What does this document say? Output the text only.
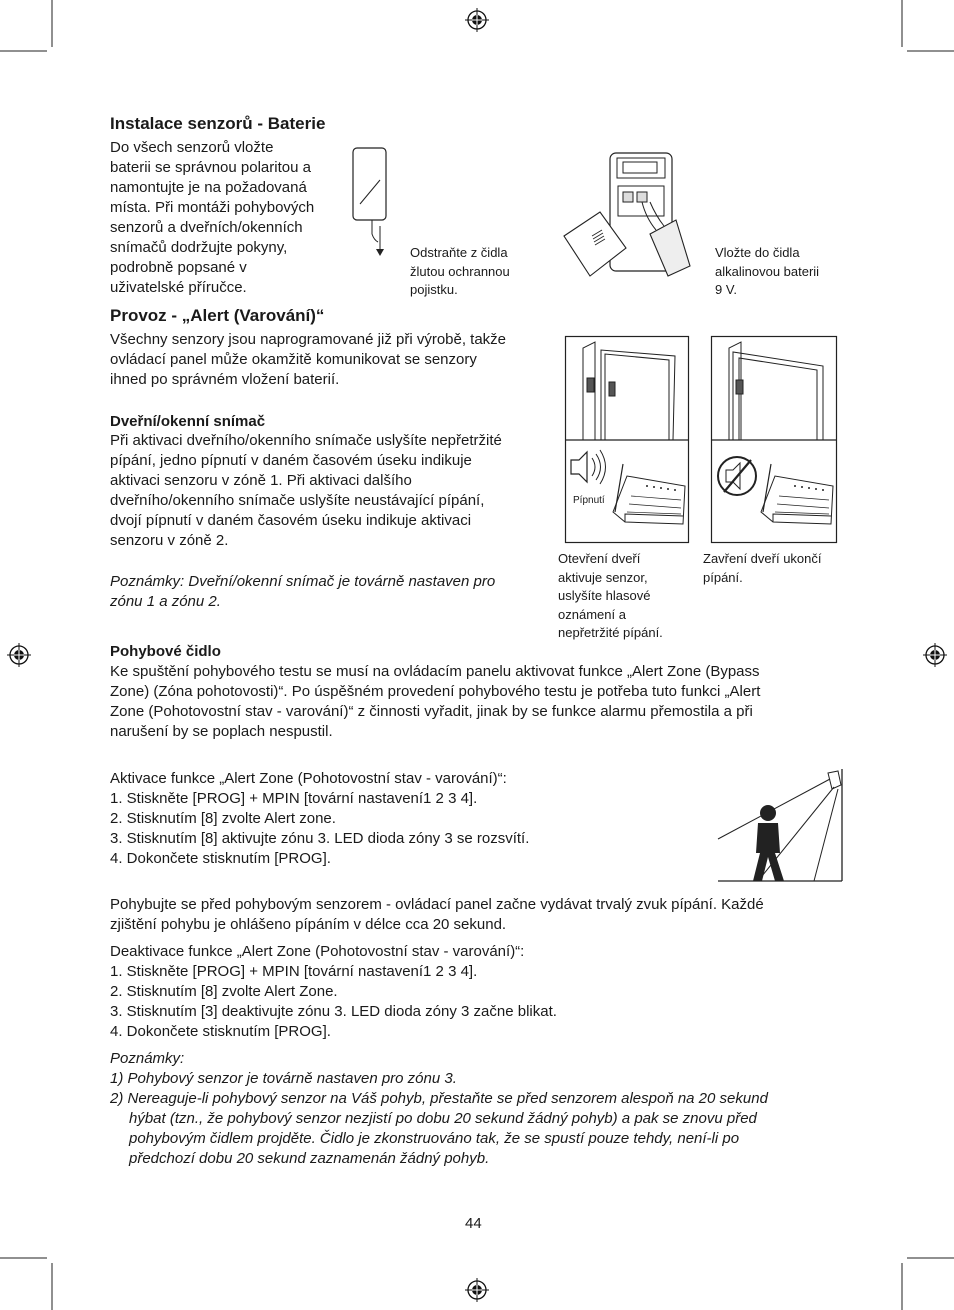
Instalace senzorů - Baterie
Do všech senzorů vložte
baterii se správnou polaritou a
namontujte je na požadovaná
místa. Při montáži pohybových
senzorů a dveřních/okenních
snímačů dodržujte pokyny,
podrobně popsané v
uživatelské příručce.
Odstraňte z čidla
žlutou ochrannou
pojistku.
Vložte do čidla
alkalinovou baterii
9 V.
Provoz - „Alert (Varování)“
Všechny senzory jsou naprogramované již při výrobě, takže
ovládací panel může okamžitě komunikovat se senzory
ihned po správném vložení baterií.
Dveřní/okenní snímač
Při aktivaci dveřního/okenního snímače uslyšíte nepřetržité
pípání, jedno pípnutí v daném časovém úseku indikuje
aktivaci senzoru v zóně 1. Při aktivaci dalšího
dveřního/okenního snímače uslyšíte neustávající pípání,
dvojí pípnutí v daném časovém úseku indikuje aktivaci
senzoru v zóně 2.
Poznámky: Dveřní/okenní snímač je továrně nastaven pro
zónu 1 a zónu 2.
Pípnutí
Otevření dveří
aktivuje senzor,
uslyšíte hlasové
oznámení a
nepřetržité pípání.
Zavření dveří ukončí
pípání.
Pohybové čidlo
Ke spuštění pohybového testu se musí na ovládacím panelu aktivovat funkce „Alert Zone (Bypass
Zone) (Zóna pohotovosti)“. Po úspěšném provedení pohybového testu je potřeba tuto funkci „Alert
Zone (Pohotovostní stav - varování)“ z činnosti vyřadit, jinak by se funkce alarmu přemostila a při
narušení by se poplach nespustil.
Aktivace funkce „Alert Zone (Pohotovostní stav - varování)“:
1. Stiskněte [PROG] + MPIN [tovární nastavení1 2 3 4].
2. Stisknutím [8] zvolte Alert zone.
3. Stisknutím [8] aktivujte zónu 3. LED dioda zóny 3 se rozsvítí.
4. Dokončete stisknutím [PROG].
Pohybujte se před pohybovým senzorem - ovládací panel začne vydávat trvalý zvuk pípání. Každé
zjištění pohybu je ohlášeno pípáním v délce cca 20 sekund.
Deaktivace funkce „Alert Zone (Pohotovostní stav - varování)“:
1. Stiskněte [PROG] + MPIN [tovární nastavení1 2 3 4].
2. Stisknutím [8] zvolte Alert Zone.
3. Stisknutím [3] deaktivujte zónu 3. LED dioda zóny 3 začne blikat.
4. Dokončete stisknutím [PROG].
Poznámky:
1) Pohybový senzor je továrně nastaven pro zónu 3.
2) Nereaguje-li pohybový senzor na Váš pohyb, přestaňte se před senzorem alespoň na 20 sekund
hýbat (tzn., že pohybový senzor nezjistí po dobu 20 sekund žádný pohyb) a pak se znovu před
pohybovým čidlem projděte. Čidlo je zkonstruováno tak, že se spustí pouze tehdy, není-li po
předchozí dobu 20 sekund zaznamenán žádný pohyb.
44
